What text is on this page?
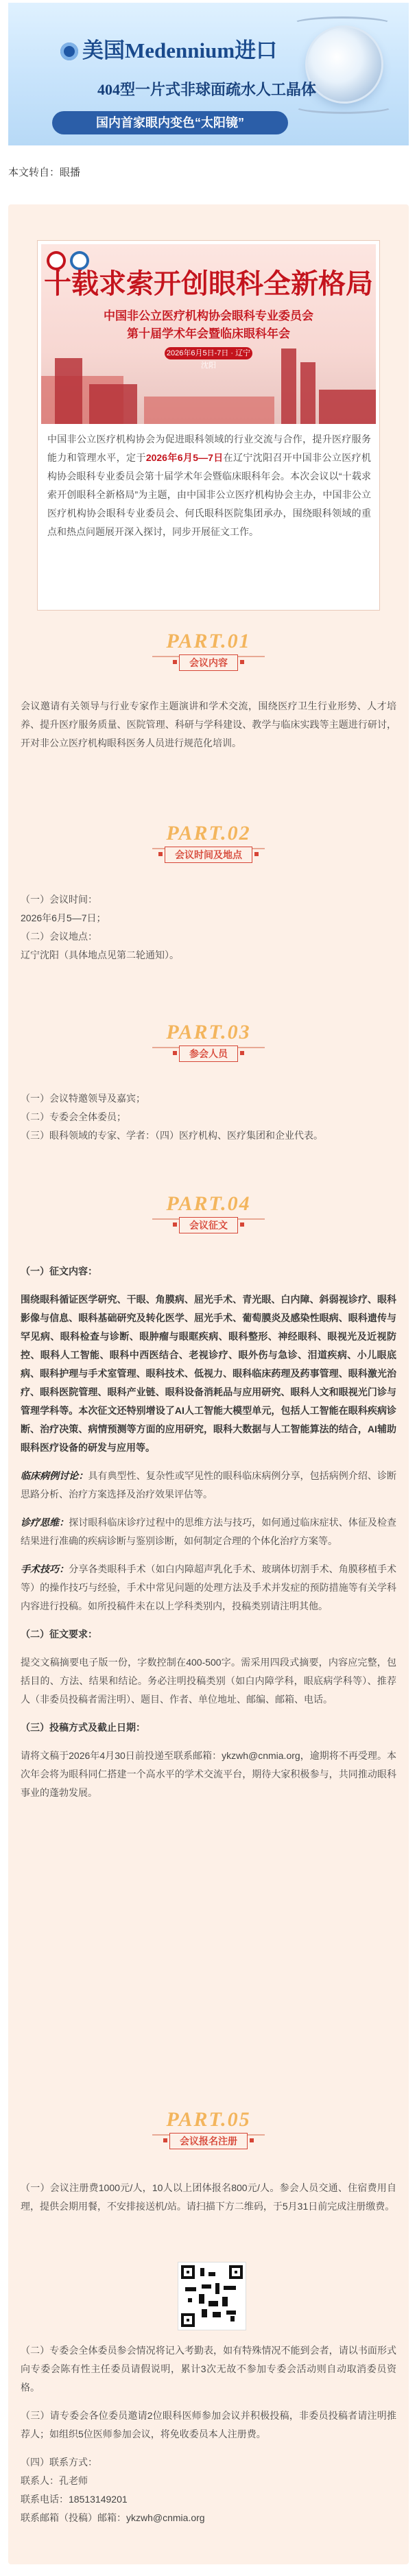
美国Medennium进口
404型一片式非球面疏水人工晶体
国内首家眼内变色“太阳镜”
本文转自：眼播
十载求索开创眼科全新格局
中国非公立医疗机构协会眼科专业委员会
第十届学术年会暨临床眼科年会
2026年6月5日-7日 · 辽宁沈阳
中国非公立医疗机构协会为促进眼科领域的行业交流与合作，提升医疗服务能力和管理水平，定于2026年6月5—7日在辽宁沈阳召开中国非公立医疗机构协会眼科专业委员会第十届学术年会暨临床眼科年会。本次会议以“十载求索开创眼科全新格局”为主题，由中国非公立医疗机构协会主办，中国非公立医疗机构协会眼科专业委员会、何氏眼科医院集团承办，围绕眼科领域的重点和热点问题展开深入探讨，同步开展征文工作。
PART.01
会议内容
会议邀请有关领导与行业专家作主题演讲和学术交流，围绕医疗卫生行业形势、人才培养、提升医疗服务质量、医院管理、科研与学科建设、教学与临床实践等主题进行研讨，开对非公立医疗机构眼科医务人员进行规范化培训。
PART.02
会议时间及地点

（一）会议时间：

2026年6月5—7日；

（二）会议地点：

辽宁沈阳（具体地点见第二轮通知）。

PART.03
参会人员

（一）会议特邀领导及嘉宾；

（二）专委会全体委员；

（三）眼科领域的专家、学者：（四）医疗机构、医疗集团和企业代表。

PART.04
会议征文

（一）征文内容：

围绕眼科循证医学研究、干眼、角膜病、屈光手术、青光眼、白内障、斜弱视诊疗、眼科影像与信息、眼科基础研究及转化医学、屈光手术、葡萄膜炎及感染性眼病、眼科遗传与罕见病、眼科检查与诊断、眼肿瘤与眼眶疾病、眼科整形、神经眼科、眼视光及近视防控、眼科人工智能、眼科中西医结合、老视诊疗、眼外伤与急诊、泪道疾病、小儿眼底病、眼科护理与手术室管理、眼科技术、低视力、眼科临床药理及药事管理、眼科激光治疗、眼科医院管理、眼科产业链、眼科设备消耗品与应用研究、眼科人文和眼视光门诊与管理学科等。本次征文还特别增设了AI人工智能大模型单元，包括人工智能在眼科疾病诊断、治疗决策、病情预测等方面的应用研究，眼科大数据与人工智能算法的结合，AI辅助眼科医疗设备的研发与应用等。

临床病例讨论：具有典型性、复杂性或罕见性的眼科临床病例分享，包括病例介绍、诊断思路分析、治疗方案选择及治疗效果评估等。

诊疗思维：探讨眼科临床诊疗过程中的思维方法与技巧，如何通过临床症状、体征及检查结果进行准确的疾病诊断与鉴别诊断，如何制定合理的个体化治疗方案等。

手术技巧：分享各类眼科手术（如白内障超声乳化手术、玻璃体切割手术、角膜移植手术等）的操作技巧与经验，手术中常见问题的处理方法及手术并发症的预防措施等有关学科内容进行投稿。如所投稿件未在以上学科类别内，投稿类别请注明其他。

（二）征文要求：

提交文稿摘要电子版一份，字数控制在400-500字。需采用四段式摘要，内容应完整，包括目的、方法、结果和结论。务必注明投稿类别（如白内障学科，眼底病学科等）、推荐人（非委员投稿者需注明）、题目、作者、单位地址、邮编、邮箱、电话。

（三）投稿方式及截止日期：

请将文稿于2026年4月30日前投递至联系邮箱：ykzwh@cnmia.org，逾期将不再受理。本次年会将为眼科同仁搭建一个高水平的学术交流平台，期待大家积极参与，共同推动眼科事业的蓬勃发展。

PART.05
会议报名注册
（一）会议注册费1000元/人，10人以上团体报名800元/人。参会人员交通、住宿费用自理，提供会期用餐，不安排接送机/站。请扫描下方二维码，于5月31日前完成注册缴费。

（二）专委会全体委员参会情况将记入考勤表，如有特殊情况不能到会者，请以书面形式向专委会陈有性主任委员请假说明，累计3次无故不参加专委会活动则自动取消委员资格。

（三）请专委会各位委员邀请2位眼科医师参加会议并积极投稿，非委员投稿者请注明推荐人；如组织5位医师参加会议，将免收委员本人注册费。

（四）联系方式：

联系人：孔老师

联系电话：18513149201

联系邮箱（投稿）邮箱：ykzwh@cnmia.org
